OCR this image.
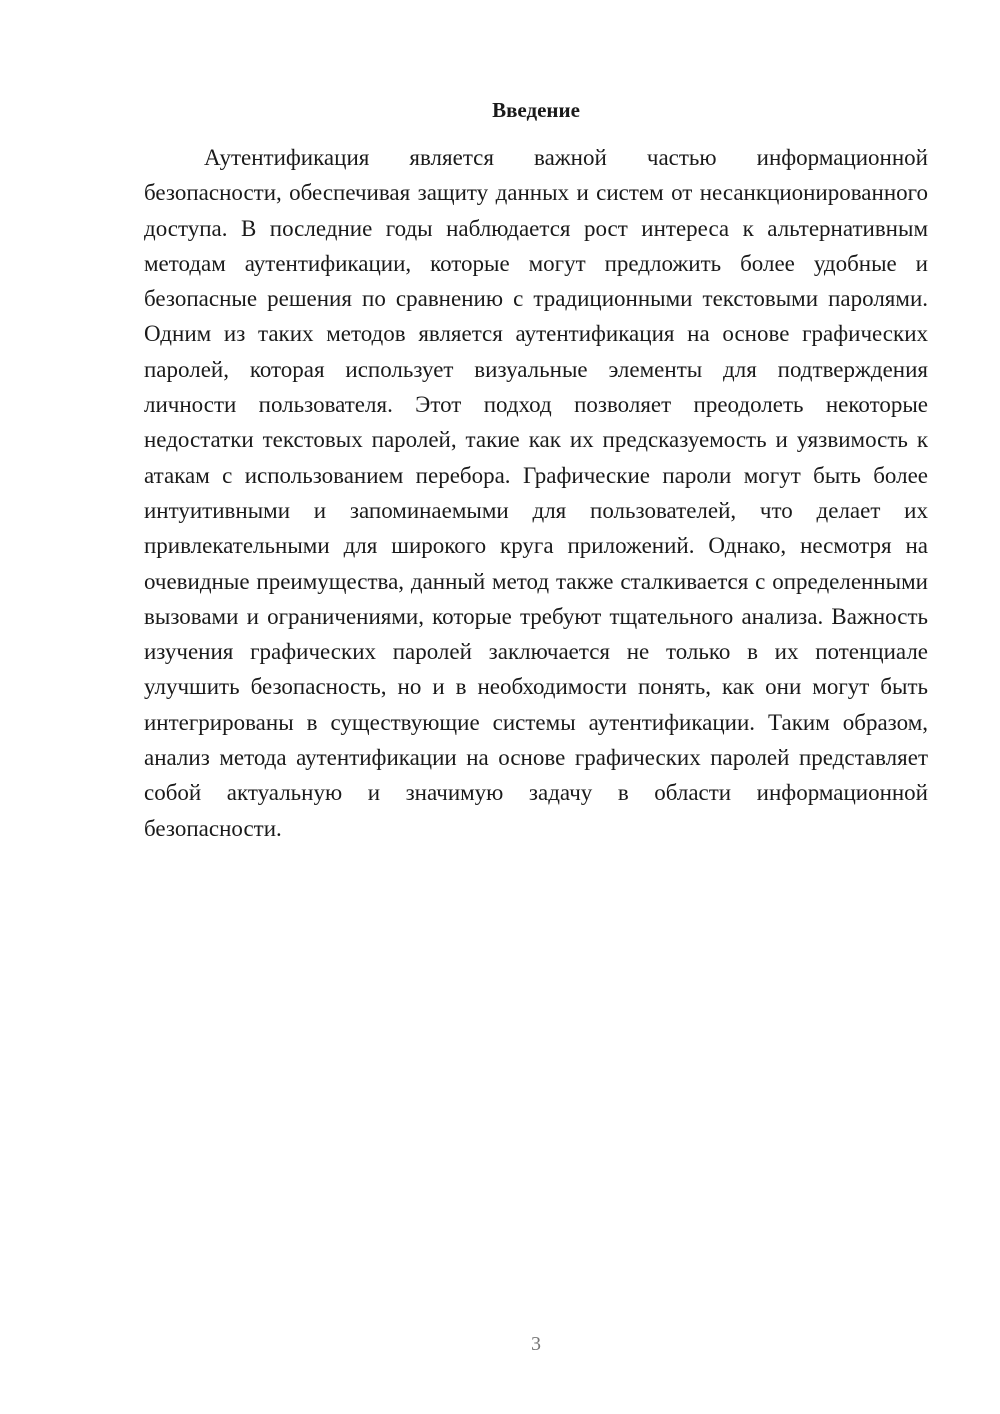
Введение

Аутентификация является важной частью информационной безопасности, обеспечивая защиту данных и систем от несанкционированного доступа. В последние годы наблюдается рост интереса к альтернативным методам аутентификации, которые могут предложить более удобные и безопасные решения по сравнению с традиционными текстовыми паролями. Одним из таких методов является аутентификация на основе графических паролей, которая использует визуальные элементы для подтверждения личности пользователя. Этот подход позволяет преодолеть некоторые недостатки текстовых паролей, такие как их предсказуемость и уязвимость к атакам с использованием перебора. Графические пароли могут быть более интуитивными и запоминаемыми для пользователей, что делает их привлекательными для широкого круга приложений. Однако, несмотря на очевидные преимущества, данный метод также сталкивается с определенными вызовами и ограничениями, которые требуют тщательного анализа. Важность изучения графических паролей заключается не только в их потенциале улучшить безопасность, но и в необходимости понять, как они могут быть интегрированы в существующие системы аутентификации. Таким образом, анализ метода аутентификации на основе графических паролей представляет собой актуальную и значимую задачу в области информационной безопасности.

3
